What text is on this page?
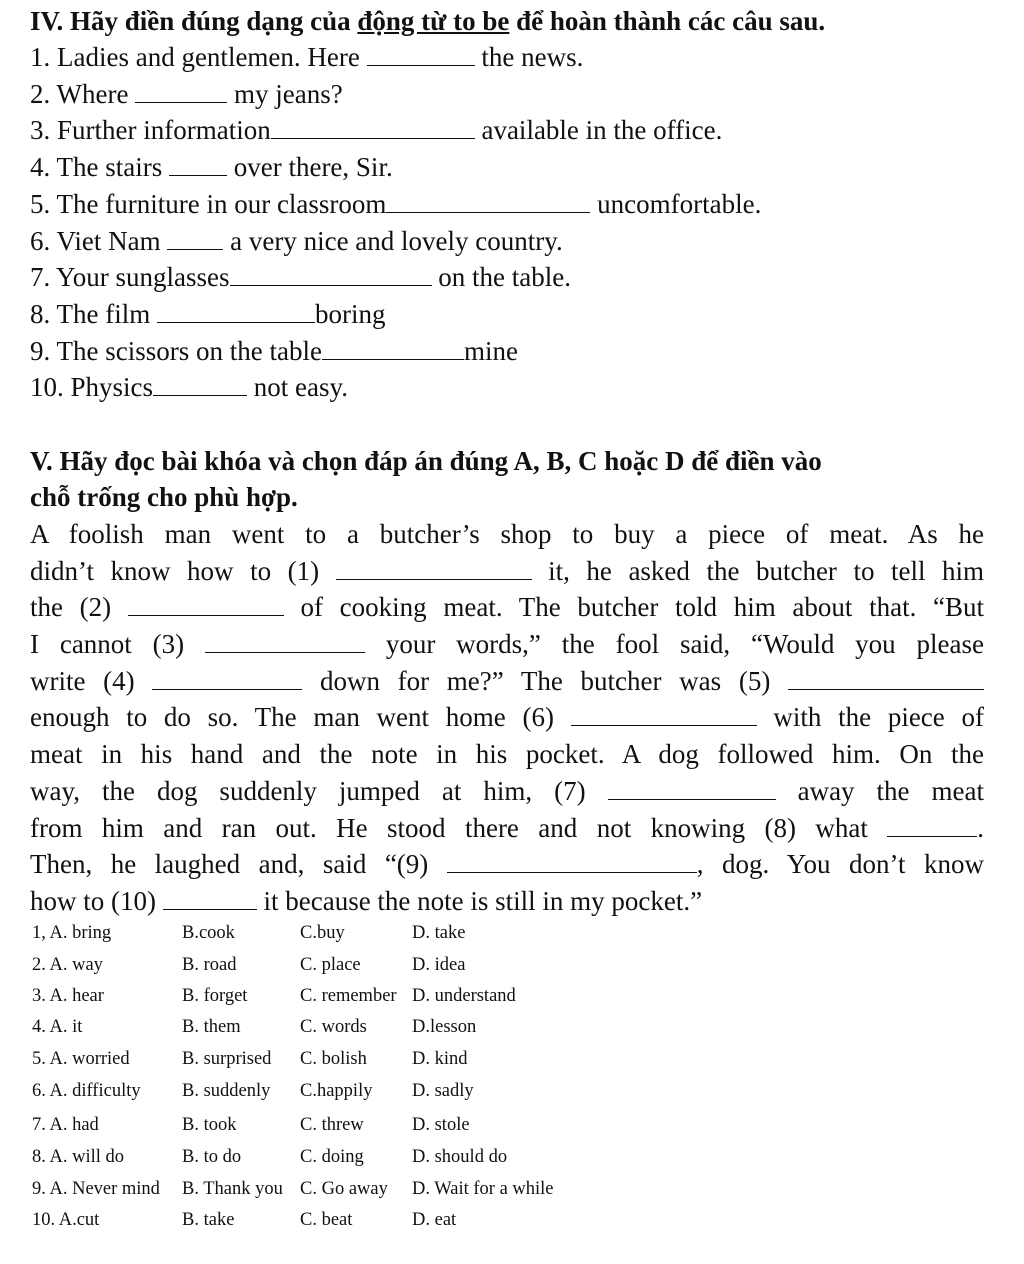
IV. Hãy điền đúng dạng của động từ to be để hoàn thành các câu sau.
1. Ladies and gentlemen. Here	the news.
2. Where	my jeans?
3. Further information	available in the office.
4. The stairs  over there, Sir.
5. The furniture in our classroom	uncomfortable.
6. Viet Nam  a very nice and lovely country.
7. Your sunglasses	on the table.
8. The film	boring
9. The scissors on the table	mine
10. Physics	not easy.
V. Hãy đọc bài khóa và chọn đáp án đúng A, B, C hoặc D để điền vào
chỗ trống cho phù hợp.
A foolish man went to a butcher’s shop to buy a piece of meat. As he
didn’t know how to (1)	it, he asked the butcher to tell him
the (2)	of cooking meat. The butcher told him about that. “But
I cannot (3)	your words,” the fool said, “Would you please
write (4)	down for me?” The butcher was (5)
enough to do so. The man went home (6)	with the piece of
meat in his hand and the note in his pocket. A dog followed him. On the
way, the dog suddenly jumped at him, (7)	away the meat
from him and ran out. He stood there and not knowing (8) what	.
Then, he laughed and, said “(9)	, dog. You don’t know
how to (10)	it because the note is still in my pocket.”
1, A. bring	B.cook	C.buy	D. take
2. A. way	B. road	C. place	D. idea
3. A. hear	B. forget	C. remember D. understand
4. A. it	B. them	C. words D.lesson
5. A. worried	B. surprised C. bolish D. kind
6. A. difficulty B. suddenly C.happily D. sadly
7. A. had	B. took	C. threw	D. stole
8. A. will do	B. to do	C. doing	D. should do
9. A. Never mind B. Thank you C. Go away D. Wait for a while
10. A.cut	B. take	C. beat	D. eat
